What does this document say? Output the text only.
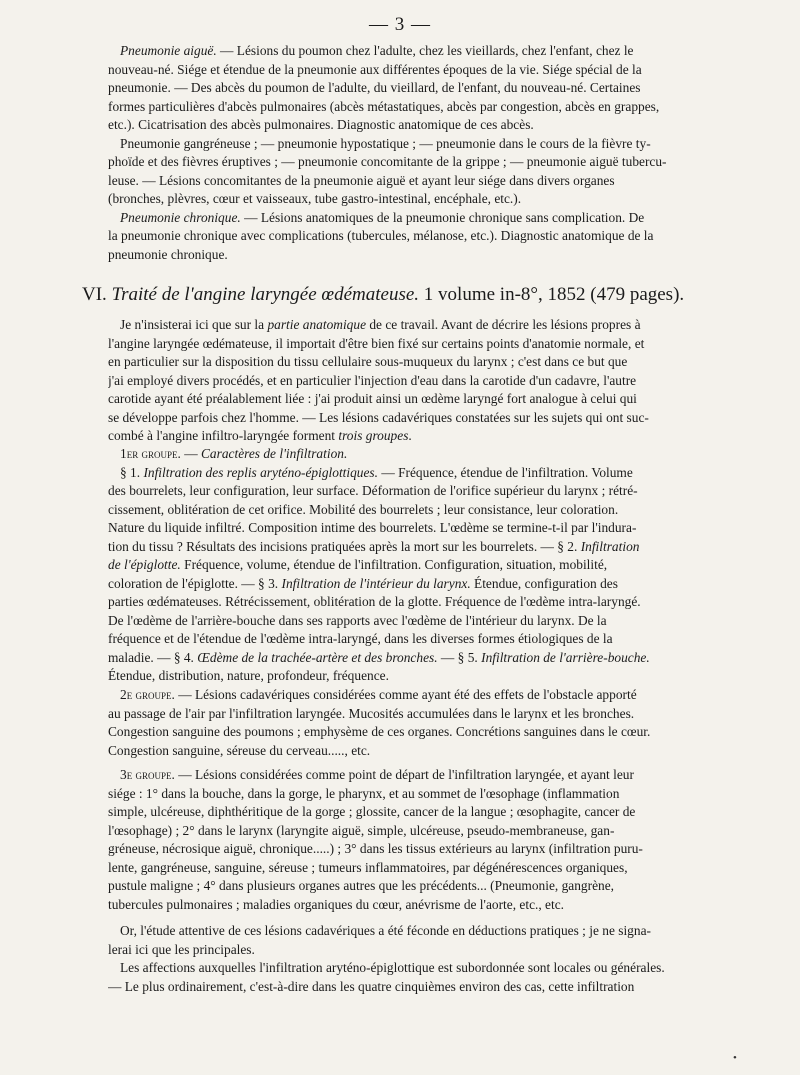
— 3 —
Pneumonie aiguë. — Lésions du poumon chez l'adulte, chez les vieillards, chez l'enfant, chez le
nouveau-né. Siége et étendue de la pneumonie aux différentes époques de la vie. Siége spécial de la
pneumonie. — Des abcès du poumon de l'adulte, du vieillard, de l'enfant, du nouveau-né. Certaines
formes particulières d'abcès pulmonaires (abcès métastatiques, abcès par congestion, abcès en grappes,
etc.). Cicatrisation des abcès pulmonaires. Diagnostic anatomique de ces abcès.
Pneumonie gangréneuse ; — pneumonie hypostatique ; — pneumonie dans le cours de la fièvre ty-
phoïde et des fièvres éruptives ; — pneumonie concomitante de la grippe ; — pneumonie aiguë tubercu-
leuse. — Lésions concomitantes de la pneumonie aiguë et ayant leur siége dans divers organes
(bronches, plèvres, cœur et vaisseaux, tube gastro-intestinal, encéphale, etc.).
Pneumonie chronique. — Lésions anatomiques de la pneumonie chronique sans complication. De
la pneumonie chronique avec complications (tubercules, mélanose, etc.). Diagnostic anatomique de la
pneumonie chronique.
VI. Traité de l'angine laryngée œdémateuse. 1 volume in-8°, 1852 (479 pages).
Je n'insisterai ici que sur la partie anatomique de ce travail. Avant de décrire les lésions propres à
l'angine laryngée œdémateuse, il importait d'être bien fixé sur certains points d'anatomie normale, et
en particulier sur la disposition du tissu cellulaire sous-muqueux du larynx ; c'est dans ce but que
j'ai employé divers procédés, et en particulier l'injection d'eau dans la carotide d'un cadavre, l'autre
carotide ayant été préalablement liée : j'ai produit ainsi un œdème laryngé fort analogue à celui qui
se développe parfois chez l'homme. — Les lésions cadavériques constatées sur les sujets qui ont suc-
combé à l'angine infiltro-laryngée forment trois groupes.
1er groupe. — Caractères de l'infiltration.
§ 1. Infiltration des replis aryténo-épiglottiques. — Fréquence, étendue de l'infiltration. Volume
des bourrelets, leur configuration, leur surface. Déformation de l'orifice supérieur du larynx ; rétré-
cissement, oblitération de cet orifice. Mobilité des bourrelets ; leur consistance, leur coloration.
Nature du liquide infiltré. Composition intime des bourrelets. L'œdème se termine-t-il par l'indura-
tion du tissu ? Résultats des incisions pratiquées après la mort sur les bourrelets. — § 2. Infiltration
de l'épiglotte. Fréquence, volume, étendue de l'infiltration. Configuration, situation, mobilité,
coloration de l'épiglotte. — § 3. Infiltration de l'intérieur du larynx. Étendue, configuration des
parties œdémateuses. Rétrécissement, oblitération de la glotte. Fréquence de l'œdème intra-laryngé.
De l'œdème de l'arrière-bouche dans ses rapports avec l'œdème de l'intérieur du larynx. De la
fréquence et de l'étendue de l'œdème intra-laryngé, dans les diverses formes étiologiques de la
maladie. — § 4. Œdème de la trachée-artère et des bronches. — § 5. Infiltration de l'arrière-bouche.
Étendue, distribution, nature, profondeur, fréquence.
2e groupe. — Lésions cadavériques considérées comme ayant été des effets de l'obstacle apporté
au passage de l'air par l'infiltration laryngée. Mucosités accumulées dans le larynx et les bronches.
Congestion sanguine des poumons ; emphysème de ces organes. Concrétions sanguines dans le cœur.
Congestion sanguine, séreuse du cerveau....., etc.
3e groupe. — Lésions considérées comme point de départ de l'infiltration laryngée, et ayant leur
siége : 1° dans la bouche, dans la gorge, le pharynx, et au sommet de l'œsophage (inflammation
simple, ulcéreuse, diphthéritique de la gorge ; glossite, cancer de la langue ; œsophagite, cancer de
l'œsophage) ; 2° dans le larynx (laryngite aiguë, simple, ulcéreuse, pseudo-membraneuse, gan-
gréneuse, nécrosique aiguë, chronique.....) ; 3° dans les tissus extérieurs au larynx (infiltration puru-
lente, gangréneuse, sanguine, séreuse ; tumeurs inflammatoires, par dégénérescences organiques,
pustule maligne ; 4° dans plusieurs organes autres que les précédents... (Pneumonie, gangrène,
tubercules pulmonaires ; maladies organiques du cœur, anévrisme de l'aorte, etc., etc.
Or, l'étude attentive de ces lésions cadavériques a été féconde en déductions pratiques ; je ne signa-
lerai ici que les principales.
Les affections auxquelles l'infiltration aryténo-épiglottique est subordonnée sont locales ou générales.
— Le plus ordinairement, c'est-à-dire dans les quatre cinquièmes environ des cas, cette infiltration
•
